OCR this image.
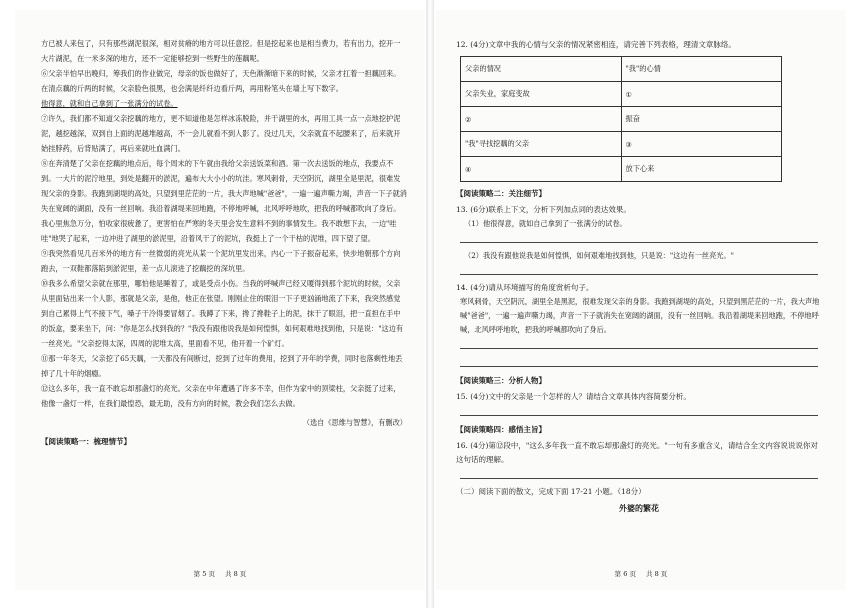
方已被人来包了，只有那些湖泥很深，相对贫瘠的地方可以任意挖。但是挖起来也是相当费力，若有出力，挖开一大片湖泥，在一米多深的地方，还不一定能够挖到一些野生的莲藕呢。

⑥父亲半怕早出晚归，筹我们的作业做完，母亲的饭也做好了，天色渐渐暗下来的时候，父亲才扛着一担藕回来。在清点藕的斤两的时候，父亲脸色很黑，也会满是纤纤边看斤两，再用粉笔头在墙上写下数字。

他得意，就和自己拿到了一张满分的试卷。

⑦许久，我们都不知道父亲挖藕的地方，更不知道他是怎样冰冻脱险，并干湖里的水，再用工具一点一点地挖护泥泥，越挖越深，双到自上面的泥越堆越高，不一会儿就看不到人影了。没过几天，父亲就直不起腰来了，后来就开始挂脖药，后背贴满了，再后来就吐血满门。

⑧在奔清楚了父亲在挖藕的地点后，每个周末的下午就由我给父亲送饭菜和酒。第一次去送饭的地点，我要点不到。一大片的泥泞地里，到处是翻开的淤泥，遍布大大小小的坑洼。寒风刺骨，天空阴沉，湖里全是里泥，很难发现父亲的身影。我跑到湖堤的高处，只望到里茫茫的一片，我大声地喊"爸爸"，一遍一遍声嘶力竭，声音一下子就消失在宽阔的湖面，没有一丝回响。我沿着湖堤来回地跑，不停地呼喊，北风呼呼地吹，把我的呼喊都吹向了身后。我心里焦急万分，怕收家很疲惫了，更害怕在严寒的冬天里会发生意料不到的事情发生。我不敢想下去，一边"哇哇"地哭了起来，一边冲进了湖里的淤泥里，沿着风干了的泥坑，我挺上了一个干枯的泥堆，四下望了望。

⑨我突然看见几百米外的地方有一丝微弱的亮光从某一个泥坑里发出来，内心一下子振奋起来，快步地朝那个方向跑去，一双鞋都落陷到淤泥里，差一点儿滚进了挖藕挖的深坑里。

⑩我多么希望父亲就在那里，哪怕他是睡着了，或是受点小伤。当我的呼喊声已经又嗄得到那个泥坑的时候，父亲从里面钻出来一个人影，那就是父亲，是他，他正在张望。刚刚止住的眼泪一下子更汹涌地流了下来，我突然感觉到自己累得上气不接下气，嗓子干冷得要冒烟了。我蹲了下来，搀了搀鞋子上的泥，抹干了眼泪，把一直担在手中的饭盒，要来坐下，问："你是怎么找到我的？"我没有跟他说我是如何惶惧，如何艰难地找到他，只是说："这边有一丝亮光。"父亲挖得太深，四周的泥堆太高，里面看不见，他开着一个矿灯。

⑪那一年冬天，父亲挖了65天藕，一天都没有间断过，挖到了过年的费用，挖到了开年的学费，同时也落剩性地丢掉了几十年的烟瘾。

⑫这么多年，我一直不敢忘却那盏灯的亮光。父亲在中年遭遇了许多不幸，但作为家中的顶梁柱，父亲挺了过来，他像一盏灯一样，在我们最惶恐，最无助，没有方向的时候，教会我们怎么去做。

（选自《思维与智慧》，有删改）

【阅读策略一：梳理情节】

第 5 页 共 8 页

12. (4分)文章中我的心情与父亲的情况紧密相连，请完善下列表格，理清文章脉络。

父亲的情况	"我"的心情
父亲失业，家庭变故	①
②	振奋
"我"寻找挖藕的父亲	③
④	放下心来

【阅读策略二：关注细节】

13. (6分)联系上下文，分析下列加点词的表达效果。

（1）他很得意，就如自己拿到了一张满分的试卷。

（2）我没有跟他说我是如何惶惧，如何艰难地找到他，只是说："这边有一丝亮光。"

14. (4分)请从环境描写的角度赏析句子。

寒风刺骨，天空阴沉，湖里全是黑泥，很难发现父亲的身影。我跑到湖堤的高处，只望到黑茫茫的一片，我大声地喊"爸爸"，一遍一遍声嘶力竭，声音一下子就消失在宽阔的湖面，没有一丝回响。我沿着湖堤来回地跑，不停地呼喊，北风呼呼地吹，把我的呼喊都吹向了身后。

【阅读策略三：分析人物】

15. (4分)文中的父亲是一个怎样的人？请结合文章具体内容简要分析。

【阅读策略四：感悟主旨】

16. (4分)第⑫段中，"这么多年我一直不敢忘却那盏灯的亮光。"一句有多重含义，请结合全文内容说说说你对这句话的理解。

（二）阅读下面的散文，完成下面 17-21 小题。（18分）

外婆的繁花

第 6 页 共 8 页
